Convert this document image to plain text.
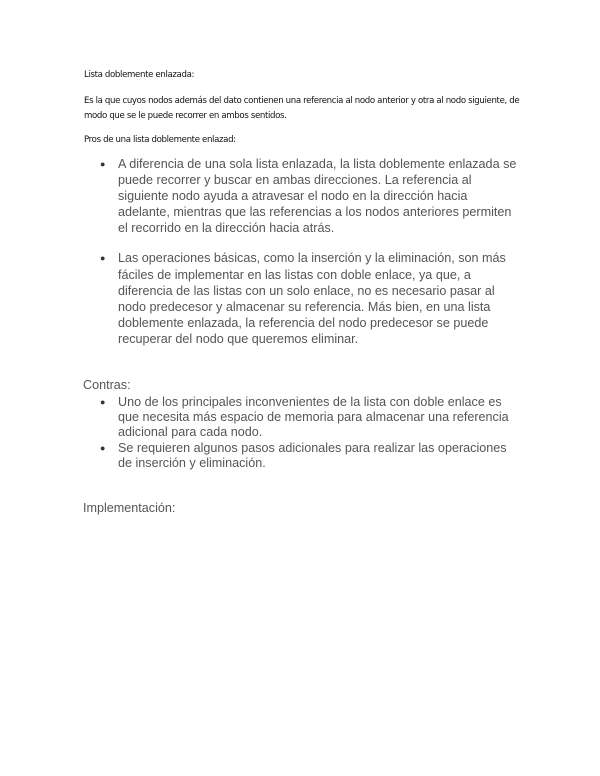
Lista doblemente enlazada:

Es la que cuyos nodos además del dato contienen una referencia al nodo anterior y otra al nodo siguiente, de modo que se le puede recorrer en ambos sentidos.

Pros de una lista doblemente enlazad:

● A diferencia de una sola lista enlazada, la lista doblemente enlazada se puede recorrer y buscar en ambas direcciones. La referencia al siguiente nodo ayuda a atravesar el nodo en la dirección hacia adelante, mientras que las referencias a los nodos anteriores permiten el recorrido en la dirección hacia atrás.
● Las operaciones básicas, como la inserción y la eliminación, son más fáciles de implementar en las listas con doble enlace, ya que, a diferencia de las listas con un solo enlace, no es necesario pasar al nodo predecesor y almacenar su referencia. Más bien, en una lista doblemente enlazada, la referencia del nodo predecesor se puede recuperar del nodo que queremos eliminar.

Contras:

● Uno de los principales inconvenientes de la lista con doble enlace es que necesita más espacio de memoria para almacenar una referencia adicional para cada nodo.
● Se requieren algunos pasos adicionales para realizar las operaciones de inserción y eliminación.

Implementación:
